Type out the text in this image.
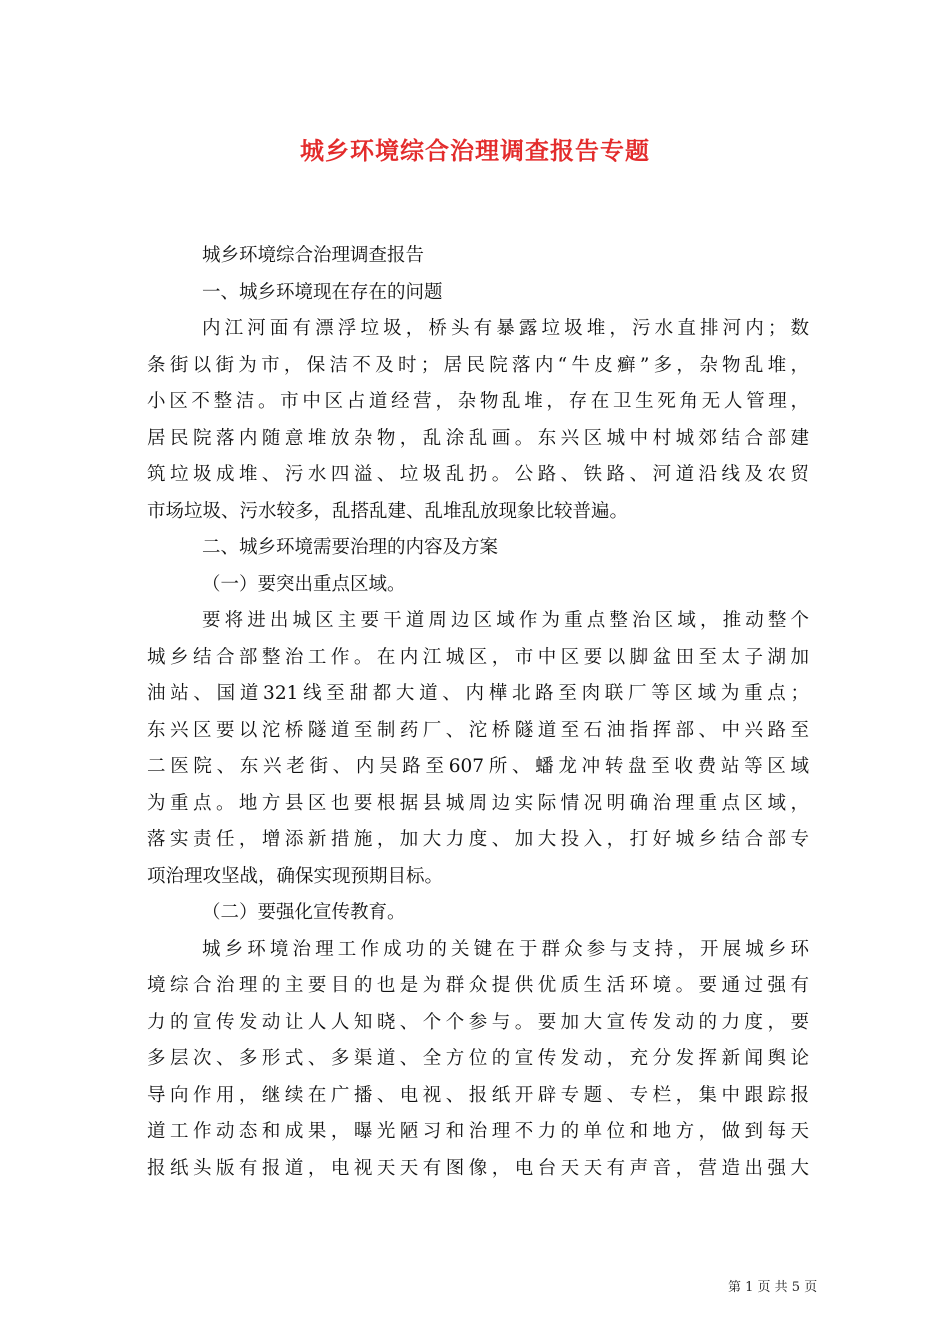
城乡环境综合治理调查报告专题
城乡环境综合治理调查报告
一、城乡环境现在存在的问题
内江河面有漂浮垃圾，桥头有暴露垃圾堆，污水直排河内；数
条街以街为市，保洁不及时；居民院落内“牛皮癣”多，杂物乱堆，
小区不整洁。市中区占道经营，杂物乱堆，存在卫生死角无人管理，
居民院落内随意堆放杂物，乱涂乱画。东兴区城中村城郊结合部建
筑垃圾成堆、污水四溢、垃圾乱扔。公路、铁路、河道沿线及农贸
市场垃圾、污水较多，乱搭乱建、乱堆乱放现象比较普遍。
二、城乡环境需要治理的内容及方案
（一）要突出重点区域。
要将进出城区主要干道周边区域作为重点整治区域，推动整个
城乡结合部整治工作。在内江城区，市中区要以脚盆田至太子湖加
油站、国道321线至甜都大道、内樺北路至肉联厂等区域为重点；
东兴区要以沱桥隧道至制药厂、沱桥隧道至石油指挥部、中兴路至
二医院、东兴老街、内吴路至607所、蟠龙冲转盘至收费站等区域
为重点。地方县区也要根据县城周边实际情况明确治理重点区域，
落实责任，增添新措施，加大力度、加大投入，打好城乡结合部专
项治理攻坚战，确保实现预期目标。
（二）要强化宣传教育。
城乡环境治理工作成功的关键在于群众参与支持，开展城乡环
境综合治理的主要目的也是为群众提供优质生活环境。要通过强有
力的宣传发动让人人知晓、个个参与。要加大宣传发动的力度，要
多层次、多形式、多渠道、全方位的宣传发动，充分发挥新闻舆论
导向作用，继续在广播、电视、报纸开辟专题、专栏，集中跟踪报
道工作动态和成果，曝光陋习和治理不力的单位和地方，做到每天
报纸头版有报道，电视天天有图像，电台天天有声音，营造出强大
第 1 页 共 5 页
